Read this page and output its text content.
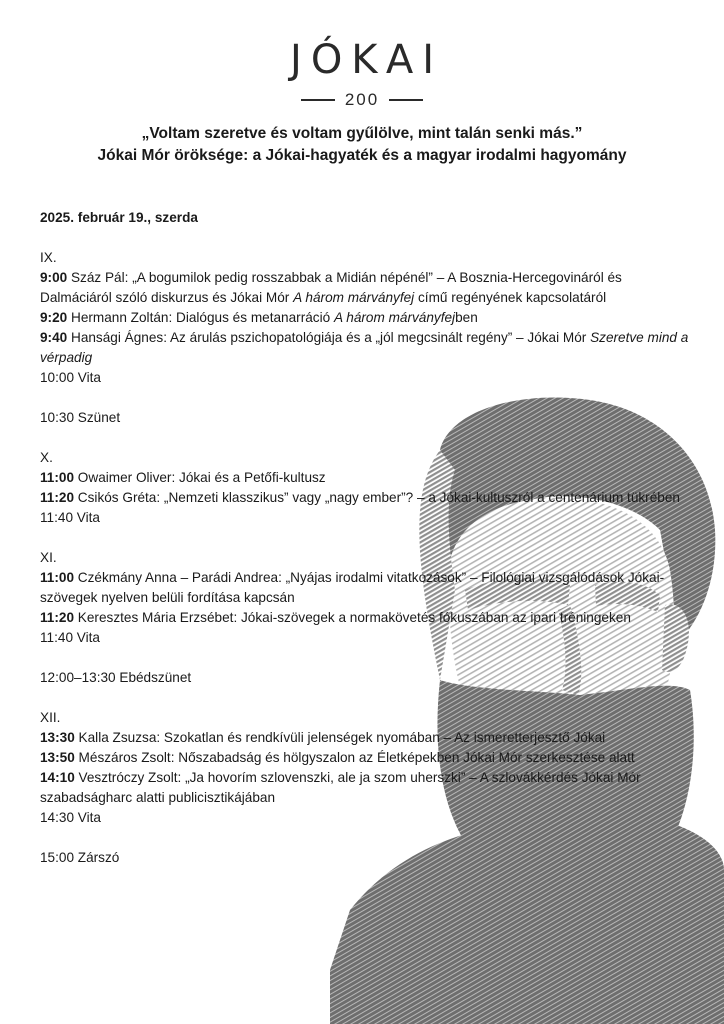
JÓKAI
200
„Voltam szeretve és voltam gyűlölve, mint talán senki más.”
Jókai Mór öröksége: a Jókai-hagyaték és a magyar irodalmi hagyomány
2025. február 19., szerda
IX.
9:00 Száz Pál: „A bogumilok pedig rosszabbak a Midián népénél” – A Bosznia-Hercegovináról és Dalmáciáról szóló diskurzus és Jókai Mór A három márványfej című regényének kapcsolatáról
9:20 Hermann Zoltán: Dialógus és metanarráció A három márványfejben
9:40 Hansági Ágnes: Az árulás pszichopatológiája és a „jól megcsinált regény” – Jókai Mór Szeretve mind a vérpadig
10:00 Vita
10:30 Szünet
X.
11:00 Owaimer Oliver: Jókai és a Petőfi-kultusz
11:20 Csikós Gréta: „Nemzeti klasszikus” vagy „nagy ember”? – a Jókai-kultuszról a centenárium tükrében
11:40 Vita
XI.
11:00 Czékmány Anna – Parádi Andrea: „Nyájas irodalmi vitatkozások” – Filológiai vizsgálódások Jókai-szövegek nyelven belüli fordítása kapcsán
11:20 Keresztes Mária Erzsébet: Jókai-szövegek a normakövetés fókuszában az ipari tréningeken
11:40 Vita
12:00–13:30 Ebédszünet
XII.
13:30 Kalla Zsuzsa: Szokatlan és rendkívüli jelenségek nyomában – Az ismeretterjesztő Jókai
13:50 Mészáros Zsolt: Nőszabadság és hölgyszalon az Életképekben Jókai Mór szerkesztése alatt
14:10 Vesztróczy Zsolt: „Ja hovorím szlovenszki, ale ja szom uherszki” – A szlovákkérdés Jókai Mór szabadságharc alatti publicisztikájában
14:30 Vita
15:00 Zárszó
